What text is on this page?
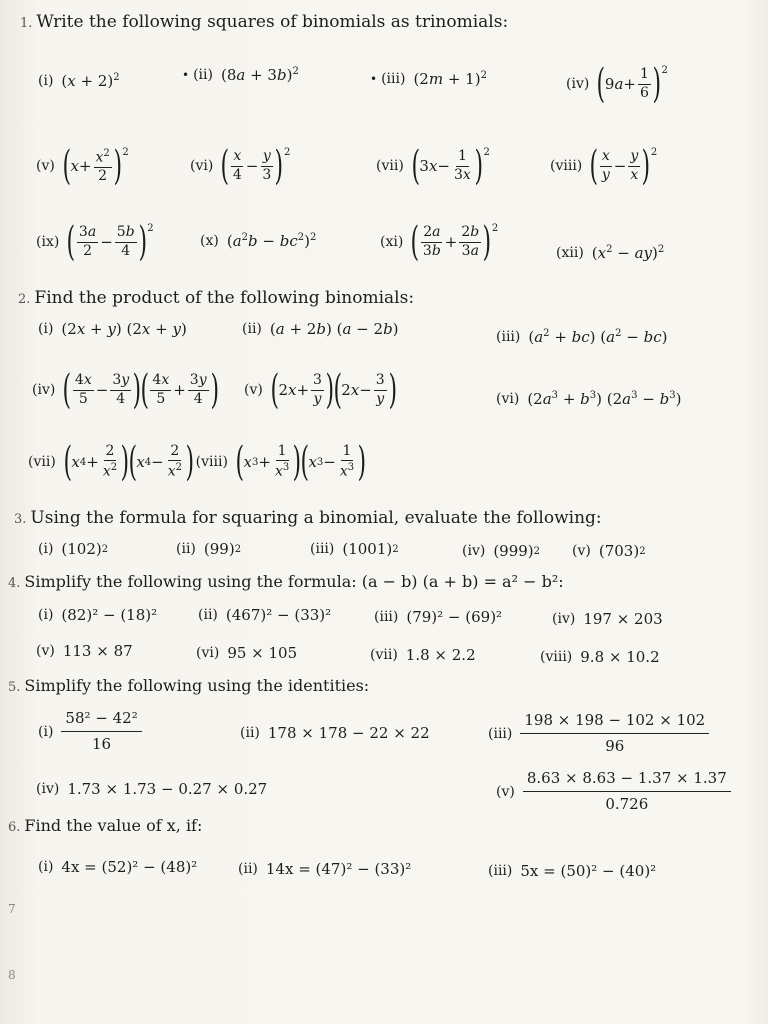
1. Write the following squares of binomials as trinomials:
(i) $(x + 2)^2$	• (ii) $(8a + 3b)^2$
• (iii) $(2m + 1)^2$
(iv) ( 9 $a + \frac{1}{6} )^2$
(v) ( $x + \frac{x^2}{2} )^2$
(vi) ( $\frac{x}{4} - \frac{y}{3} )^2$
(vii) ( 3 $x - \frac{1}{3x} )^2$
(viii) ( $\frac{x}{y} - \frac{y}{x} )^2$
(ix) ( $\frac{3a}{2} - \frac{5b}{4} )^2$
(x) $(a^2b - bc^2)^2$	(xi) ( $\frac{2a}{3b} + \frac{2b}{3a} )^2$
(xii) $(x^2 - ay)^2$
2. Find the product of the following binomials:
(i) (2x + y) (2x + y)	(ii) (a + 2b) (a − 2b)	(iii) $(a^2 + bc) (a^2 - bc)$
(iv) ( $\frac{4x}{5} - \frac{3y}{4}$ ) ( $\frac{4x}{5} + \frac{3y}{4}$ ) (v) ( 2 $x + \frac{3}{y}$ ) ( 2 $x - \frac{3}{y}$ )	(vi) $(2a^3 + b^3) (2a^3 - b^3)$
(vii) ( x $4 + \frac{2}{x^2}$ ) ( x $4 - \frac{2}{x^2}$ ) (viii) ( x $3 + \frac{1}{x^3}$ ) ( x $3 - \frac{1}{x^3}$ )
3. Using the formula for squaring a binomial, evaluate the following:
(i) (102) 2	(ii) (99) 2	(iii) (1001) 2	(iv) (999) 2 (v) (703) 2
4. Simplify the following using the formula: (a − b) (a + b) = a² − b²:
(i) (82)² − (18)²	(ii) (467)² − (33)²	(iii) (79)² − (69)²	(iv) 197 × 203
(v) 113 × 87	(vi) 95 × 105	(vii) 1.8 × 2.2	(viii) 9.8 × 10.2
5. Simplify the following using the identities:
(i)
58² − 42²
16
(ii) 178 × 178 − 22 × 22	(iii)
198 × 198 − 102 × 102
96
(iv) 1.73 × 1.73 − 0.27 × 0.27	(v)
8.63 × 8.63 − 1.37 × 1.37
0.726
6. Find the value of x, if:
(i) 4x = (52)² − (48)²	(ii) 14x = (47)² − (33)²	(iii) 5x = (50)² − (40)²
7
8
